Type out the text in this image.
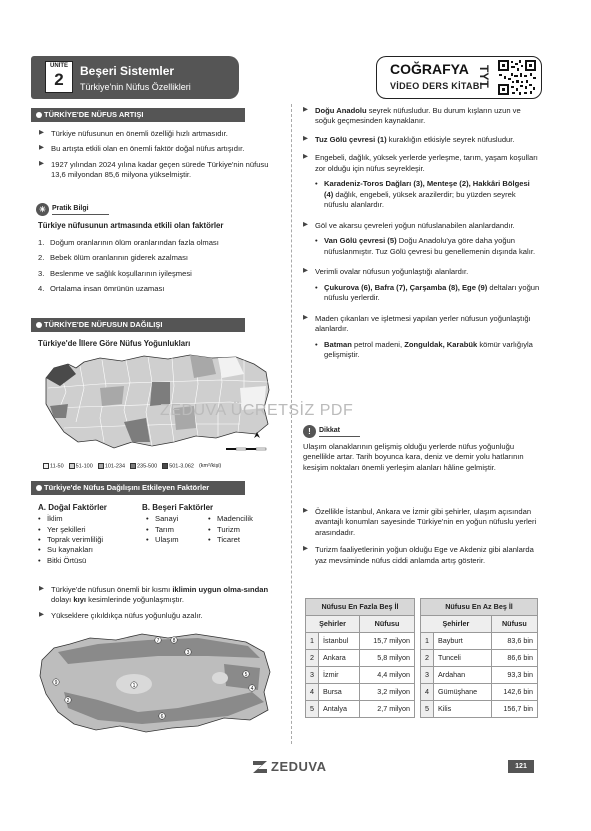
ÜNİTE
2	Beşeri Sistemler
Türkiye'nin Nüfus Özellikleri
COĞRAFYA
VİDEO DERS KİTABI
TYT
TÜRKİYE'DE NÜFUS ARTIŞI
▶ Türkiye nüfusunun en önemli özelliği hızlı artmasıdır.
▶ Bu artışta etkili olan en önemli faktör doğal nüfus artışıdır.
▶ 1927 yılından 2024 yılına kadar geçen sürede Türkiye'nin nüfusu 13,6 milyondan 85,6 milyona yükselmiştir.
☀ Pratik Bilgi
Türkiye nüfusunun artmasında etkili olan faktörler
1. Doğum oranlarının ölüm oranlarından fazla olması
2. Bebek ölüm oranlarının giderek azalması
3. Beslenme ve sağlık koşullarının iyileşmesi
4. Ortalama insan ömrünün uzaması
TÜRKİYE'DE NÜFUSUN DAĞILIŞI
Türkiye'de İllere Göre Nüfus Yoğunlukları
11-50	51-100	101-234	235-500	501-3.062 (km²/kişi)
Türkiye'de Nüfus Dağılışını Etkileyen Faktörler
A. Doğal Faktörler
• İklim
• Yer şekilleri
• Toprak verimliliği
• Su kaynakları
• Bitki Örtüsü
B. Beşeri Faktörler
• Sanayi
• Tarım
• Ulaşım
• Madencilik
• Turizm
• Ticaret
▶ Türkiye'de nüfusun önemli bir kısmı iklimin uygun olma-sından dolayı kıyı kesimlerinde yoğunlaşmıştır.
▶ Yükseklere çıkıldıkça nüfus yoğunluğu azalır.
1
2
3
4
5
6
7	8
9
ZEDUVA ÜCRETSİZ PDF
▶ Doğu Anadolu seyrek nüfusludur. Bu durum kışların uzun ve soğuk geçmesinden kaynaklanır.
▶ Tuz Gölü çevresi (1) kuraklığın etkisiyle seyrek nüfusludur.
▶ Engebeli, dağlık, yüksek yerlerde yerleşme, tarım, yaşam koşulları zor olduğu için nüfus seyrekleşir.
• Karadeniz-Toros Dağları (3), Menteşe (2), Hakkâri Bölgesi (4) dağlık, engebeli, yüksek arazilerdir; bu yüzden seyrek nüfuslu alanlardır.
▶ Göl ve akarsu çevreleri yoğun nüfuslanabilen alanlardandır.
• Van Gölü çevresi (5) Doğu Anadolu'ya göre daha yoğun nüfuslanmıştır. Tuz Gölü çevresi bu genellemenin dışında kalır.
▶ Verimli ovalar nüfusun yoğunlaştığı alanlardır.
• Çukurova (6), Bafra (7), Çarşamba (8), Ege (9) deltaları yoğun nüfuslu yerlerdir.
▶ Maden çıkanları ve işletmesi yapılan yerler nüfusun yoğunlaştığı alanlardır.
• Batman petrol madeni, Zonguldak, Karabük kömür varlığıyla gelişmiştir.
!	Dikkat
Ulaşım olanaklarının gelişmiş olduğu yerlerde nüfus yoğunluğu genellikle artar. Tarih boyunca kara, deniz ve demir yolu hatlarının kesişim noktaları önemli yerleşim alanları hâline gelmiştir.
▶ Özellikle İstanbul, Ankara ve İzmir gibi şehirler, ulaşım açısından avantajlı konumları sayesinde Türkiye'nin en yoğun nüfuslu yerleri arasındadır.
▶ Turizm faaliyetlerinin yoğun olduğu Ege ve Akdeniz gibi alanlarda yaz mevsiminde nüfus ciddi anlamda artış gösterir.
Nüfusu En Fazla Beş İl		
Şehirler		Nüfusu
1	İstanbul	15,7 milyon
2	Ankara	5,8 milyon
3	İzmir	4,4 milyon
4	Bursa	3,2 milyon
5	Antalya	2,7 milyon
Nüfusu En Az Beş İl		
Şehirler		Nüfusu
1	Bayburt	83,6 bin
2	Tunceli	86,6 bin
3	Ardahan	93,3 bin
4	Gümüşhane	142,6 bin
5	Kilis	156,7 bin
ZEDUVA	121
